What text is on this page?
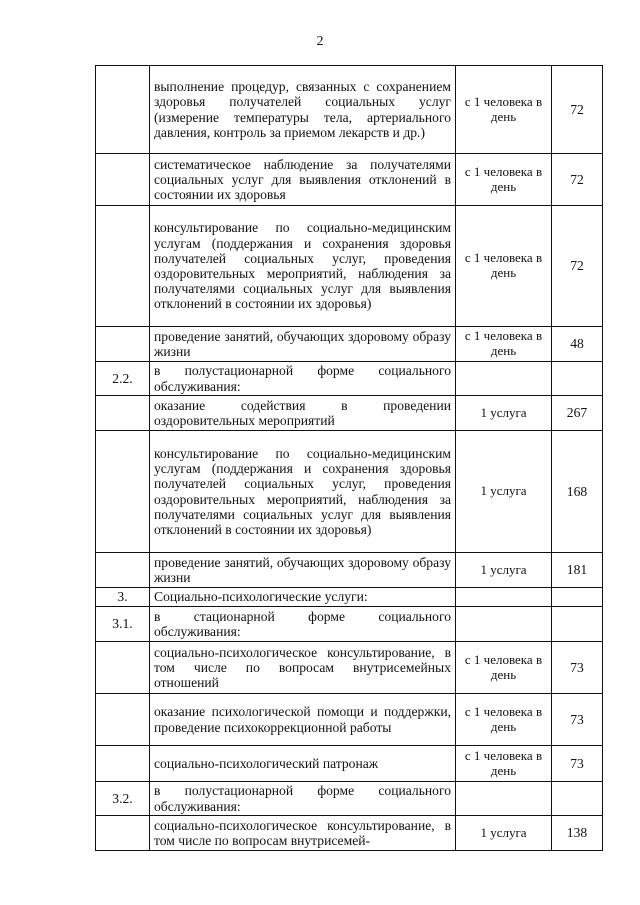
2
	выполнение процедур, связанных с сохранением здоровья получателей социальных услуг (измерение температуры тела, артериального давления, контроль за приемом лекарств и др.)	с 1 человека в день	72
	систематическое наблюдение за получателями социальных услуг для выявления отклонений в состоянии их здоровья	с 1 человека в день	72
	консультирование по социально-медицинским услугам (поддержания и сохранения здоровья получателей социальных услуг, проведения оздоровительных мероприятий, наблюдения за получателями социальных услуг для выявления отклонений в состоянии их здоровья)	с 1 человека в день	72
	проведение занятий, обучающих здоровому образу жизни	с 1 человека в день	48
2.2.	в полустационарной форме социального обслуживания:		
	оказание содействия в проведении оздоровительных мероприятий	1 услуга	267
	консультирование по социально-медицинским услугам (поддержания и сохранения здоровья получателей социальных услуг, проведения оздоровительных мероприятий, наблюдения за получателями социальных услуг для выявления отклонений в состоянии их здоровья)	1 услуга	168
	проведение занятий, обучающих здоровому образу жизни	1 услуга	181
3.	Социально-психологические услуги:		
3.1.	в стационарной форме социального обслуживания:		
	социально-психологическое консультирование, в том числе по вопросам внутрисемейных отношений	с 1 человека в день	73
	оказание психологической помощи и поддержки, проведение психокоррекционной работы	с 1 человека в день	73
	социально-психологический патронаж	с 1 человека в день	73
3.2.	в полустационарной форме социального обслуживания:		
	социально-психологическое консультирование, в том числе по вопросам внутрисемей-	1 услуга	138
